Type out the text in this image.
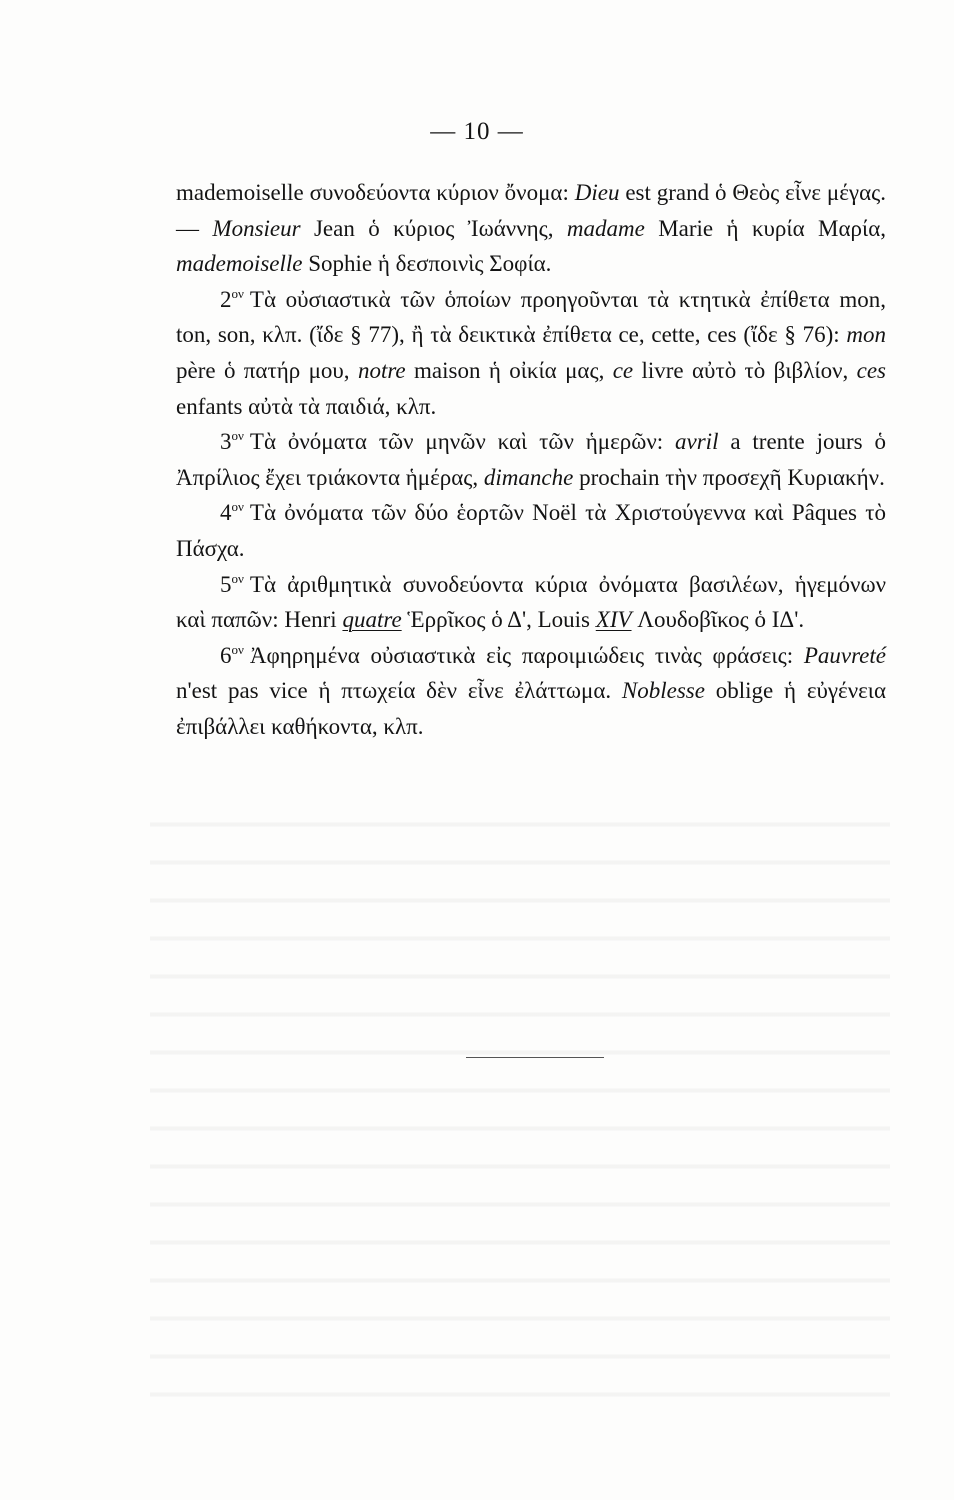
— 10 —

mademoiselle συνοδεύοντα κύριον ὄνομα: Dieu est grand ὁ Θεὸς εἶνε μέγας. — Monsieur Jean ὁ κύριος Ἰωάννης, madame Marie ἡ κυρία Μαρία, mademoiselle Sophie ἡ δεσποινὶς Σοφία.

$2^{o\nu}$ Τὰ οὐσιαστικὰ τῶν ὁποίων προηγοῦνται τὰ κτητικὰ ἐπίθετα mon, ton, son, κλπ. (ἴδε § 77), ἢ τὰ δεικτικὰ ἐπίθετα ce, cette, ces (ἴδε § 76): mon père ὁ πατήρ μου, notre maison ἡ οἰκία μας, ce livre αὐτὸ τὸ βιβλίον, ces enfants αὐτὰ τὰ παιδιά, κλπ.

$3^{o\nu}$ Τὰ ὀνόματα τῶν μηνῶν καὶ τῶν ἡμερῶν: avril a trente jours ὁ Ἀπρίλιος ἔχει τριάκοντα ἡμέρας, dimanche prochain τὴν προσεχῆ Κυριακήν.

$4^{o\nu}$ Τὰ ὀνόματα τῶν δύο ἑορτῶν Noël τὰ Χριστούγεννα καὶ Pâques τὸ Πάσχα.

$5^{o\nu}$ Τὰ ἀριθμητικὰ συνοδεύοντα κύρια ὀνόματα βασιλέων, ἡγεμόνων καὶ παπῶν: Henri quatre Ἑρρῖκος ὁ Δ', Louis XIV Λουδοβῖκος ὁ ΙΔ'.

$6^{o\nu}$ Ἀφηρημένα οὐσιαστικὰ εἰς παροιμιώδεις τινὰς φράσεις: Pauvreté n'est pas vice ἡ πτωχεία δὲν εἶνε ἐλάττωμα. Noblesse oblige ἡ εὐγένεια ἐπιβάλλει καθήκοντα, κλπ.
